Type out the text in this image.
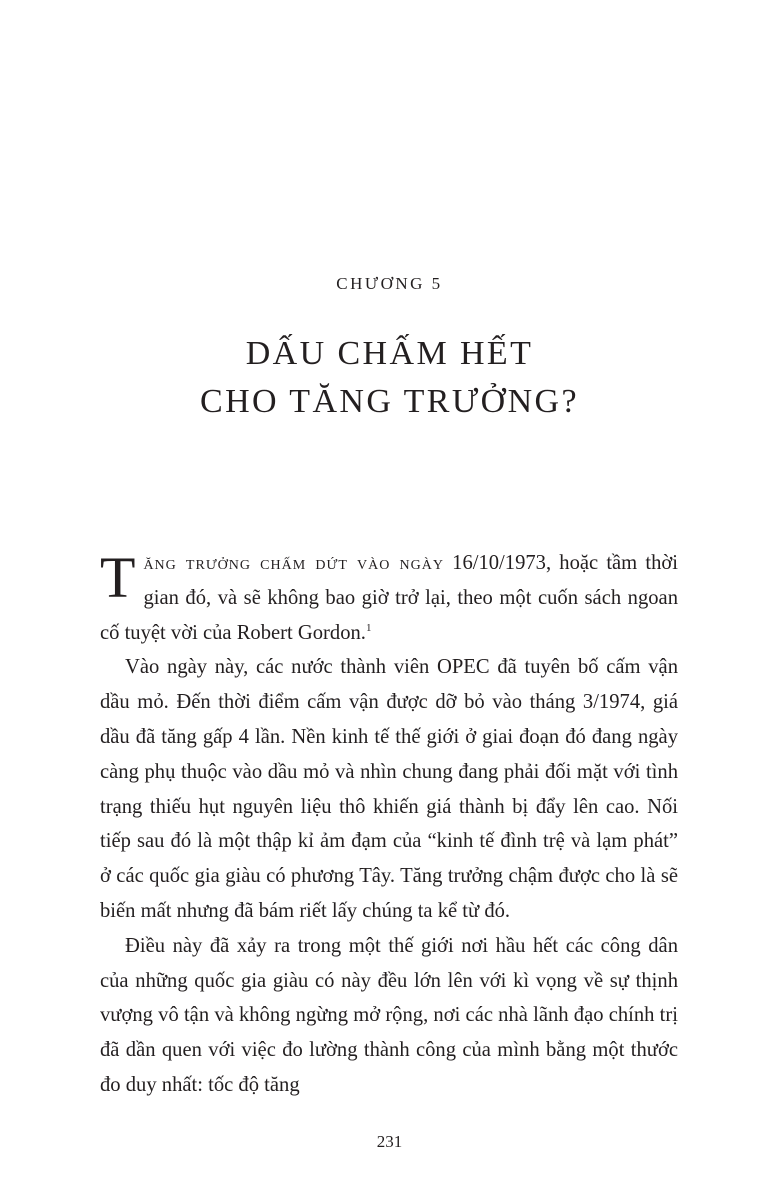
CHƯƠNG 5
DẤU CHẤM HẾT
CHO TĂNG TRƯỞNG?

Tăng trưởng chấm dứt vào ngày 16/10/1973, hoặc tầm thời gian đó, và sẽ không bao giờ trở lại, theo một cuốn sách ngoan cố tuyệt vời của Robert Gordon.$^1$

Vào ngày này, các nước thành viên OPEC đã tuyên bố cấm vận dầu mỏ. Đến thời điểm cấm vận được dỡ bỏ vào tháng 3/1974, giá dầu đã tăng gấp 4 lần. Nền kinh tế thế giới ở giai đoạn đó đang ngày càng phụ thuộc vào dầu mỏ và nhìn chung đang phải đối mặt với tình trạng thiếu hụt nguyên liệu thô khiến giá thành bị đẩy lên cao. Nối tiếp sau đó là một thập kỉ ảm đạm của “kinh tế đình trệ và lạm phát” ở các quốc gia giàu có phương Tây. Tăng trưởng chậm được cho là sẽ biến mất nhưng đã bám riết lấy chúng ta kể từ đó.

Điều này đã xảy ra trong một thế giới nơi hầu hết các công dân của những quốc gia giàu có này đều lớn lên với kì vọng về sự thịnh vượng vô tận và không ngừng mở rộng, nơi các nhà lãnh đạo chính trị đã dần quen với việc đo lường thành công của mình bằng một thước đo duy nhất: tốc độ tăng

231
